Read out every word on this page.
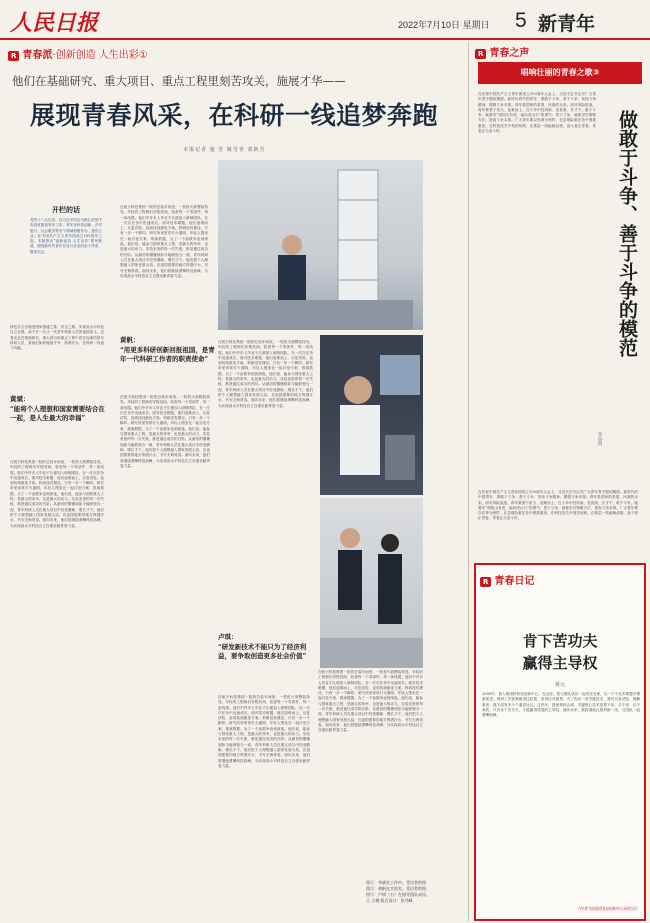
人民日报	2022年7月10日 星期日 5 新青年
R 青春派·创新创造 人生出彩①
他们在基础研究、重大项目、重点工程里刻苦攻关，施展才华——
展现青春风采，在科研一线追梦奔跑
本报记者 施 芳 姚雪青 刘新吾
开栏的话
党的十八大以来，以习近平同志为核心的党中央高度重视青年工作，青年在科技创新、乡村振兴、社会服务等各个领域积极作为、建功立业。在中国共产主义青年团成立100周年之际，本版推出“创新创造 人生出彩”系列报道，展现新时代青年在各行各业的奋斗风采，敬请关注。
科技自立自强是国家强盛之基、安全之要。实现高水平科技自立自强，离不开一代又一代青年科研人员的接续奋斗。记者走近在基础研究、重大项目和重点工程中攻坚克难的青年科研人员，看他们如何施展才华、挥洒汗水，在科研一线奋斗奔跑。
黄斌：
“能将个人理想和国家需要结合在一起，是人生最大的幸福”
在航天科技集团一院的总装车间里，一枚枚火箭整装待发。年轻的工程师们穿梭其间，检查每一个零部件、每一条线缆。他们中许多人毕业不久便加入研制团队，在一次次任务中迅速成长。面对技术难题，他们迎难而上，反复试验，直到找到最优方案。科研没有捷径，只有一步一个脚印。研究所里常常灯火通明，年轻人围坐在一起讨论方案、推演数据，为了一个参数争论到深夜。他们说，能参与国家重大工程，是最大的荣幸，也是最大的动力。实验室里的每一次失败，都是通往成功的台阶。从最初的懵懂到如今能够独当一面，青年科研人员在重大项目中经受磨砺、增长才干。他们把个人理想融入国家发展大局，在祖国需要的地方挥洒汗水，书写无悔青春。面向未来，他们将继续勇攀科技高峰，为实现高水平科技自立自强贡献青春力量。
在航天科技集团一院的总装车间里，一枚枚火箭整装待发。年轻的工程师们穿梭其间，检查每一个零部件、每一条线缆。他们中许多人毕业不久便加入研制团队，在一次次任务中迅速成长。面对技术难题，他们迎难而上，反复试验，直到找到最优方案。科研没有捷径，只有一步一个脚印。研究所里常常灯火通明，年轻人围坐在一起讨论方案、推演数据，为了一个参数争论到深夜。他们说，能参与国家重大工程，是最大的荣幸，也是最大的动力。实验室里的每一次失败，都是通往成功的台阶。从最初的懵懂到如今能够独当一面，青年科研人员在重大项目中经受磨砺、增长才干。他们把个人理想融入国家发展大局，在祖国需要的地方挥洒汗水，书写无悔青春。面向未来，他们将继续勇攀科技高峰，为实现高水平科技自立自强贡献青春力量。
黄帆：
“用更多科研创新回报祖国，是青年一代科研工作者的职责使命”
在航天科技集团一院的总装车间里，一枚枚火箭整装待发。年轻的工程师们穿梭其间，检查每一个零部件、每一条线缆。他们中许多人毕业不久便加入研制团队，在一次次任务中迅速成长。面对技术难题，他们迎难而上，反复试验，直到找到最优方案。科研没有捷径，只有一步一个脚印。研究所里常常灯火通明，年轻人围坐在一起讨论方案、推演数据，为了一个参数争论到深夜。他们说，能参与国家重大工程，是最大的荣幸，也是最大的动力。实验室里的每一次失败，都是通往成功的台阶。从最初的懵懂到如今能够独当一面，青年科研人员在重大项目中经受磨砺、增长才干。他们把个人理想融入国家发展大局，在祖国需要的地方挥洒汗水，书写无悔青春。面向未来，他们将继续勇攀科技高峰，为实现高水平科技自立自强贡献青春力量。
在航天科技集团一院的总装车间里，一枚枚火箭整装待发。年轻的工程师们穿梭其间，检查每一个零部件、每一条线缆。他们中许多人毕业不久便加入研制团队，在一次次任务中迅速成长。面对技术难题，他们迎难而上，反复试验，直到找到最优方案。科研没有捷径，只有一步一个脚印。研究所里常常灯火通明，年轻人围坐在一起讨论方案、推演数据，为了一个参数争论到深夜。他们说，能参与国家重大工程，是最大的荣幸，也是最大的动力。实验室里的每一次失败，都是通往成功的台阶。从最初的懵懂到如今能够独当一面，青年科研人员在重大项目中经受磨砺、增长才干。他们把个人理想融入国家发展大局，在祖国需要的地方挥洒汗水，书写无悔青春。面向未来，他们将继续勇攀科技高峰，为实现高水平科技自立自强贡献青春力量。
卢琪：
“研发新技术不能只为了经济利益，要争取创造更多社会价值”
在航天科技集团一院的总装车间里，一枚枚火箭整装待发。年轻的工程师们穿梭其间，检查每一个零部件、每一条线缆。他们中许多人毕业不久便加入研制团队，在一次次任务中迅速成长。面对技术难题，他们迎难而上，反复试验，直到找到最优方案。科研没有捷径，只有一步一个脚印。研究所里常常灯火通明，年轻人围坐在一起讨论方案、推演数据，为了一个参数争论到深夜。他们说，能参与国家重大工程，是最大的荣幸，也是最大的动力。实验室里的每一次失败，都是通往成功的台阶。从最初的懵懂到如今能够独当一面，青年科研人员在重大项目中经受磨砺、增长才干。他们把个人理想融入国家发展大局，在祖国需要的地方挥洒汗水，书写无悔青春。面向未来，他们将继续勇攀科技高峰，为实现高水平科技自立自强贡献青春力量。
在航天科技集团一院的总装车间里，一枚枚火箭整装待发。年轻的工程师们穿梭其间，检查每一个零部件、每一条线缆。他们中许多人毕业不久便加入研制团队，在一次次任务中迅速成长。面对技术难题，他们迎难而上，反复试验，直到找到最优方案。科研没有捷径，只有一步一个脚印。研究所里常常灯火通明，年轻人围坐在一起讨论方案、推演数据，为了一个参数争论到深夜。他们说，能参与国家重大工程，是最大的荣幸，也是最大的动力。实验室里的每一次失败，都是通往成功的台阶。从最初的懵懂到如今能够独当一面，青年科研人员在重大项目中经受磨砺、增长才干。他们把个人理想融入国家发展大局，在祖国需要的地方挥洒汗水，书写无悔青春。面向未来，他们将继续勇攀科技高峰，为实现高水平科技自立自强贡献青春力量。
图①：李斌在工作中。受访者供图
图②：黄帆在实验室。受访者供图
图③：卢琪（右）在指导团队成员。
王 立摄 版式设计：张丹峰
R 青春之声
唱响壮丽的青春之歌③
在庆祝中国共产主义青年团成立100周年大会上，习近平总书记对广大青年寄予殷切期望。新时代的中国青年，要敢于斗争、善于斗争，发扬斗争精神，增强斗争本领。青年是国家的希望、民族的未来。面对风险挑战，青年要勇于担当、迎难而上，在斗争中经风雨、见世面、长才干。敢于斗争，就要有“明知山有虎，偏向虎山行”的勇气；善于斗争，就要讲究策略方法，提高斗争本领。广大青年要以先辈为榜样，在急难险重任务中勇挑重担，在科技攻关中刻苦钻研，在基层一线砥砺品格。奋斗者正青春，青春正当奋斗时。	做敢于斗争、善于斗争的模范
李昌禹
在庆祝中国共产主义青年团成立100周年大会上，习近平总书记对广大青年寄予殷切期望。新时代的中国青年，要敢于斗争、善于斗争，发扬斗争精神，增强斗争本领。青年是国家的希望、民族的未来。面对风险挑战，青年要勇于担当、迎难而上，在斗争中经风雨、见世面、长才干。敢于斗争，就要有“明知山有虎，偏向虎山行”的勇气；善于斗争，就要讲究策略方法，提高斗争本领。广大青年要以先辈为榜样，在急难险重任务中勇挑重担，在科技攻关中刻苦钻研，在基层一线砥砺品格。奋斗者正青春，青春正当奋斗时。
R 青春日记
肯下苦功夫
赢得主导权
黄元
2008年，我入职国防科技创新中心。在这里，我与团队成员一起攻坚克难，从一个个技术难题中摸索前进。科研工作需要耐得住寂寞、坐得住冷板凳。为了攻克一项关键技术，我们反复试验、推翻重来，数不清有多少个通宵达旦。这些年，我深刻体会到，关键核心技术是要不来、买不来、讨不来的，只有肯下苦功夫，才能赢得发展的主导权。面向未来，我将继续扎根科研一线，与团队一起勇攀高峰。
（作者为国防科技创新中心研究员）
